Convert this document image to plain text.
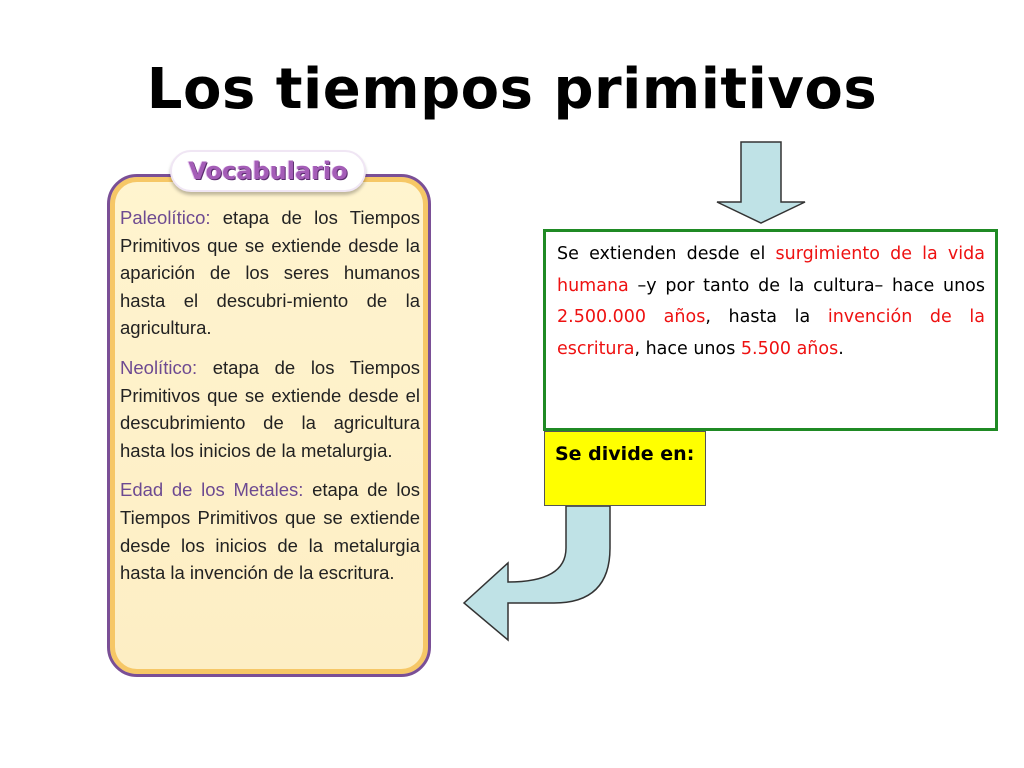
Los tiempos primitivos
Vocabulario
Paleolítico: etapa de los Tiempos Primitivos que se extiende desde la aparición de los seres humanos hasta el descubri-miento de la agricultura.
Neolítico: etapa de los Tiempos Primitivos que se extiende desde el descubrimiento de la agricultura hasta los inicios de la metalurgia.
Edad de los Metales: etapa de los Tiempos Primitivos que se extiende desde los inicios de la metalurgia hasta la invención de la escritura.
Se extienden desde el surgimiento de la vida humana –y por tanto de la cultura– hace unos 2.500.000 años, hasta la invención de la escritura, hace unos 5.500 años.
Se divide en:
